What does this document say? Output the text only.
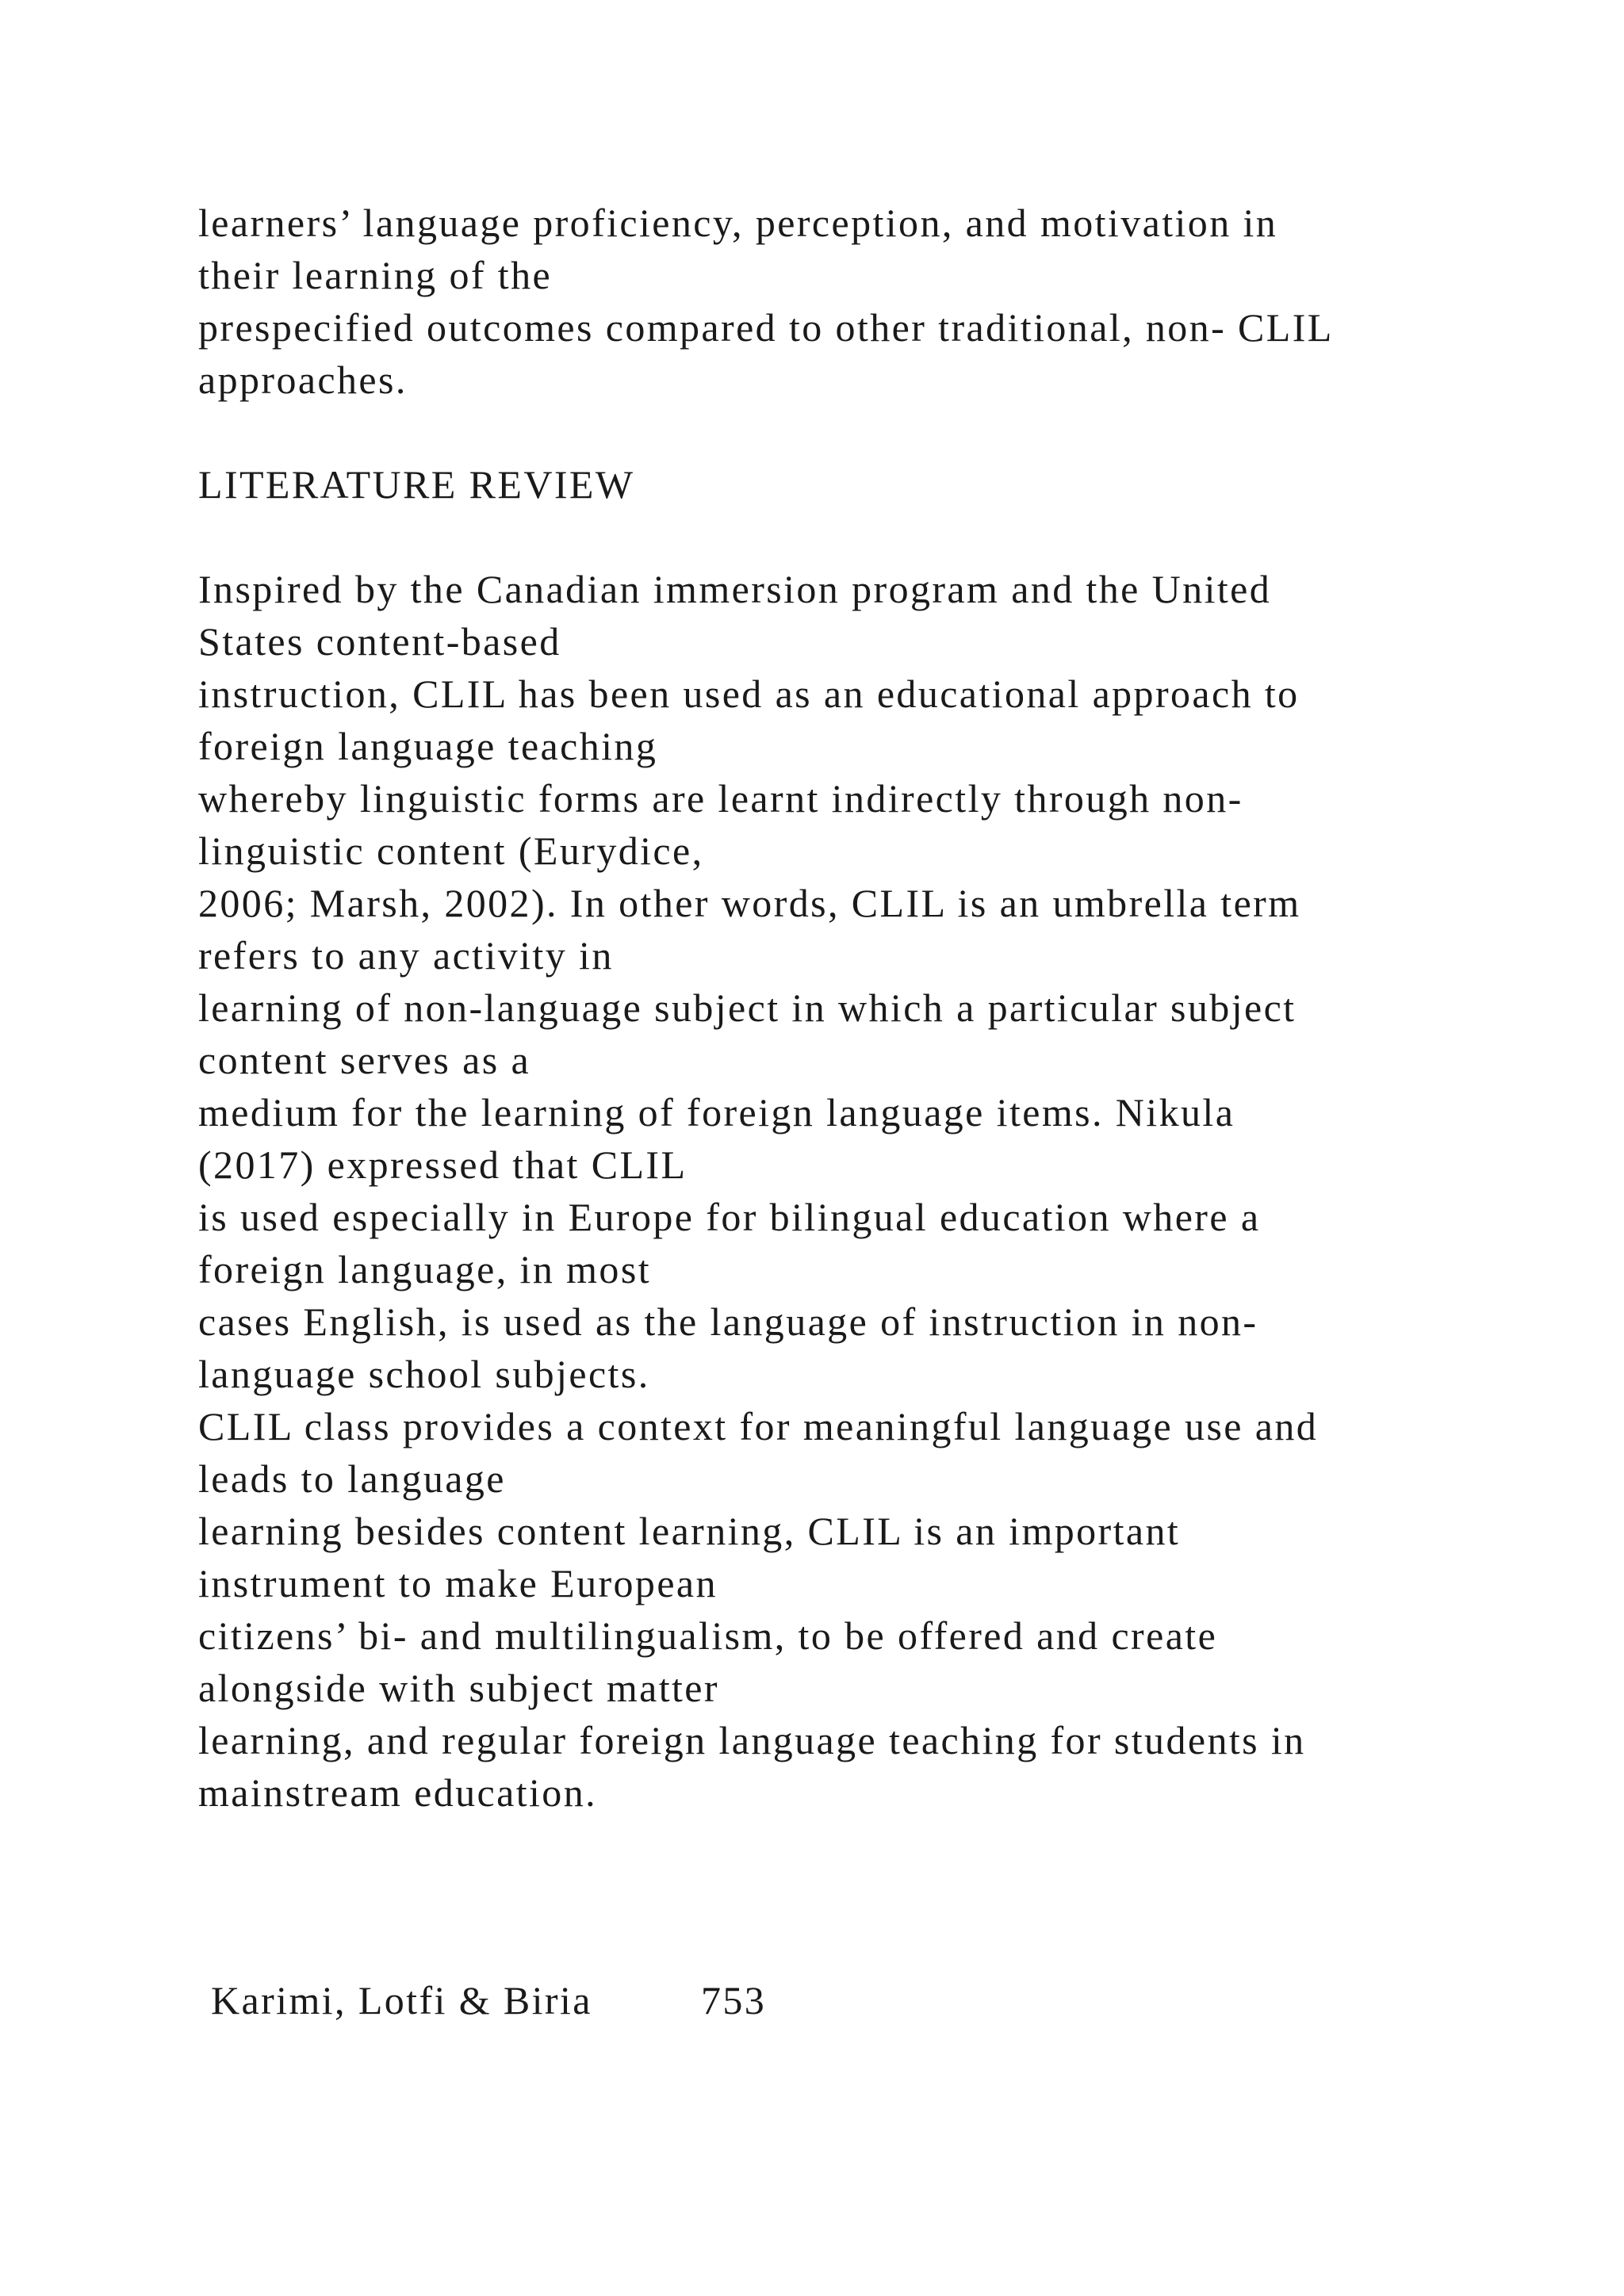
learners’ language proficiency, perception, and motivation in
their learning of the
prespecified outcomes compared to other traditional, non- CLIL
approaches.
LITERATURE REVIEW
Inspired by the Canadian immersion program and the United
States content-based
instruction, CLIL has been used as an educational approach to
foreign language teaching
whereby linguistic forms are learnt indirectly through non-
linguistic content (Eurydice,
2006; Marsh, 2002). In other words, CLIL is an umbrella term
refers to any activity in
learning of non-language subject in which a particular subject
content serves as a
medium for the learning of foreign language items. Nikula
(2017) expressed that CLIL
is used especially in Europe for bilingual education where a
foreign language, in most
cases English, is used as the language of instruction in non-
language school subjects.
CLIL class provides a context for meaningful language use and
leads to language
learning besides content learning, CLIL is an important
instrument to make European
citizens’ bi- and multilingualism, to be offered and create
alongside with subject matter
learning, and regular foreign language teaching for students in
mainstream education.
Karimi, Lotfi & Biria	753
